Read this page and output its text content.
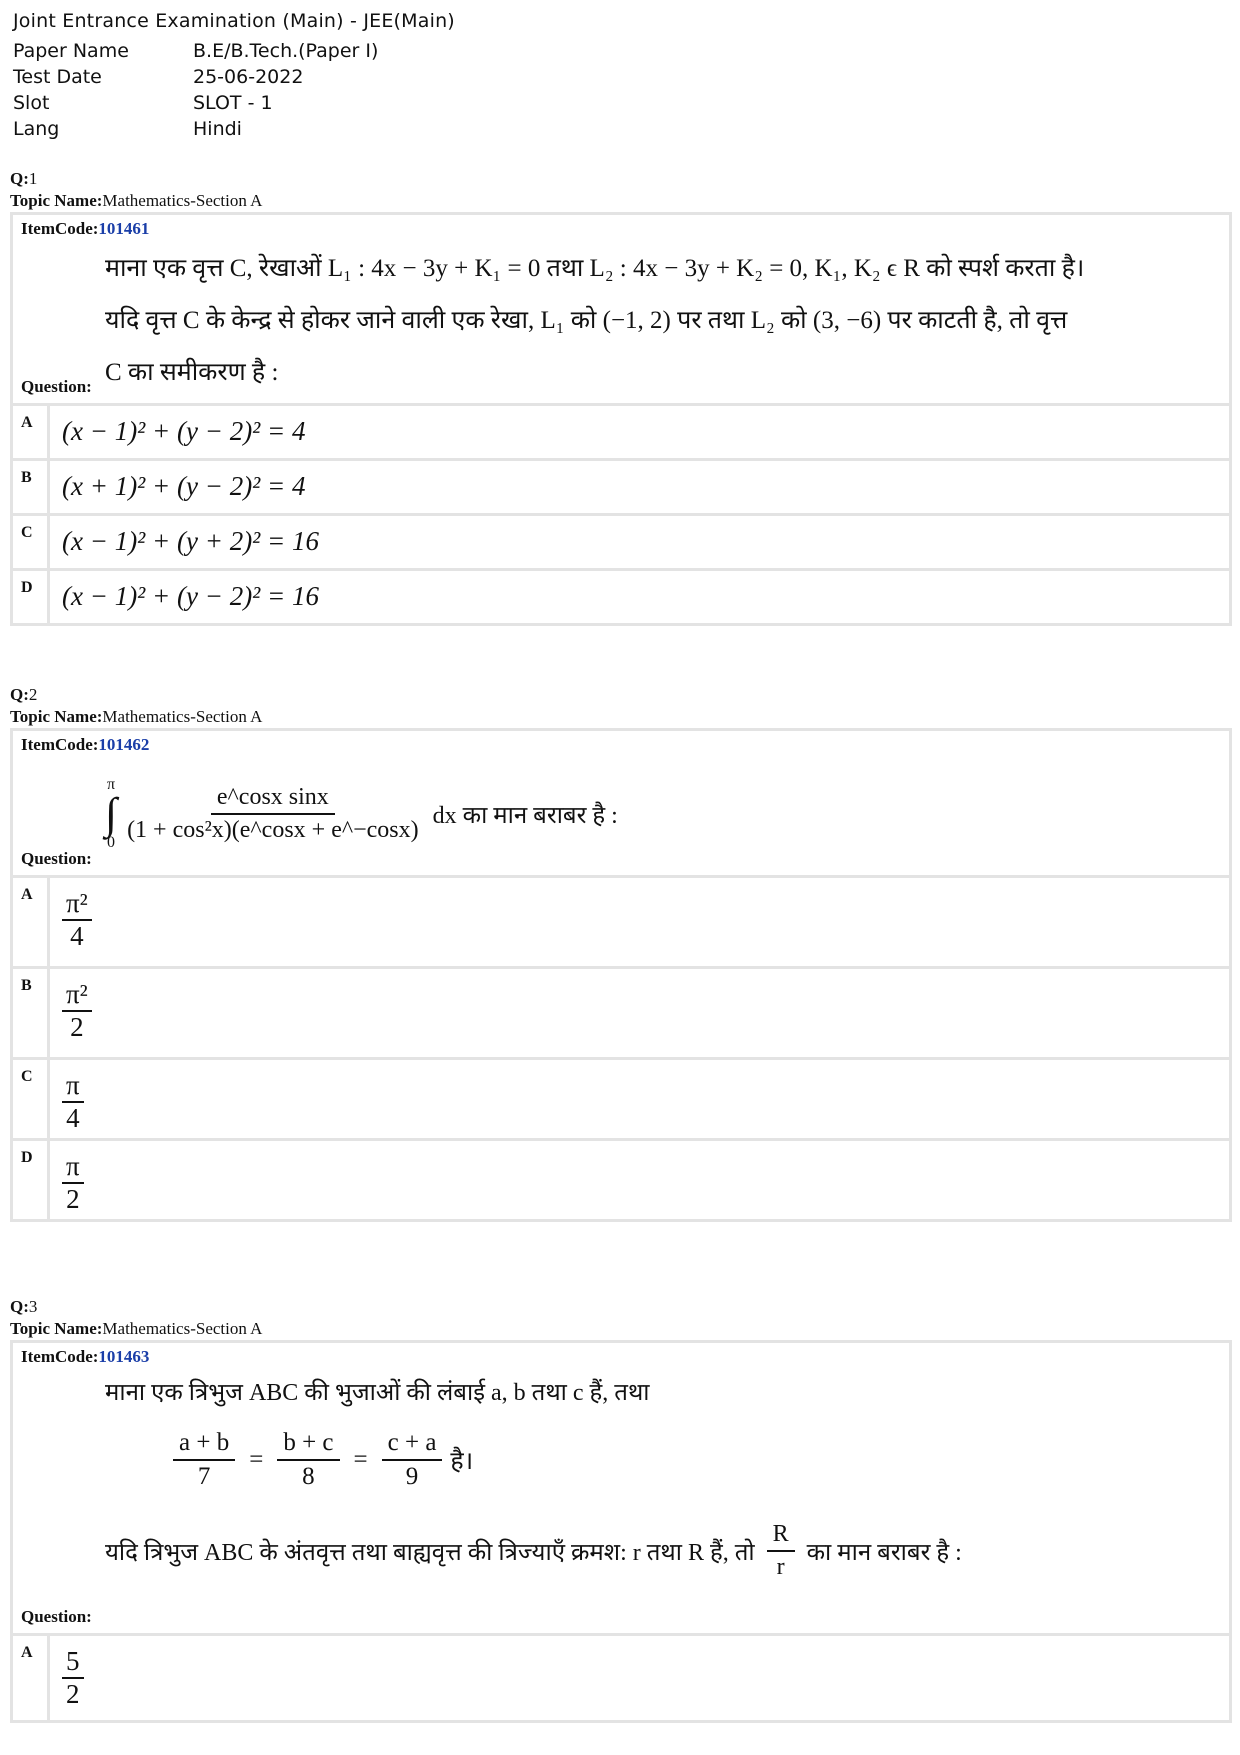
Joint Entrance Examination (Main) - JEE(Main)
Paper Name	B.E/B.Tech.(Paper I)
Test Date	25-06-2022
Slot	SLOT - 1
Lang	Hindi
Q:1
Topic Name:Mathematics-Section A
ItemCode:101461
माना एक वृत्त C, रेखाओं L₁ : 4x − 3y + K₁ = 0 तथा L₂ : 4x − 3y + K₂ = 0, K₁, K₂ ϵ R को स्पर्श करता है।
यदि वृत्त C के केन्द्र से होकर जाने वाली एक रेखा, L₁ को (−1, 2) पर तथा L₂ को (3, −6) पर काटती है, तो वृत्त
C का समीकरण है :
Question:
A	(x − 1)² + (y − 2)² = 4
B	(x + 1)² + (y − 2)² = 4
C	(x − 1)² + (y + 2)² = 16
D	(x − 1)² + (y − 2)² = 16
Q:2
Topic Name:Mathematics-Section A
ItemCode:101462
π
∫
$0 \frac{\text{e\textasciicircum{}cosx sinx}}{\text{(1 + cos²x)(e\textasciicircum{}cosx + e\textasciicircum{}−cosx)}}$ dx का मान बराबर है :
Question:
A	$\frac{\text{π²}}{4}$
B	$\frac{\text{π²}}{2}$
C	$\frac{\pi}{4}$
D	$\frac{\pi}{2}$
Q:3
Topic Name:Mathematics-Section A
ItemCode:101463
माना एक त्रिभुज ABC की भुजाओं की लंबाई a, b तथा c हैं, तथा
$\frac{a + b}{7} = \frac{b + c}{8} = \frac{c + a}{9}$ है।
यदि त्रिभुज ABC के अंतवृत्त तथा बाह्यवृत्त की त्रिज्याएँ क्रमश: r तथा R हैं, तो $\frac{R}{r}$ का मान बराबर है :
Question:
A	$\frac{5}{2}$
